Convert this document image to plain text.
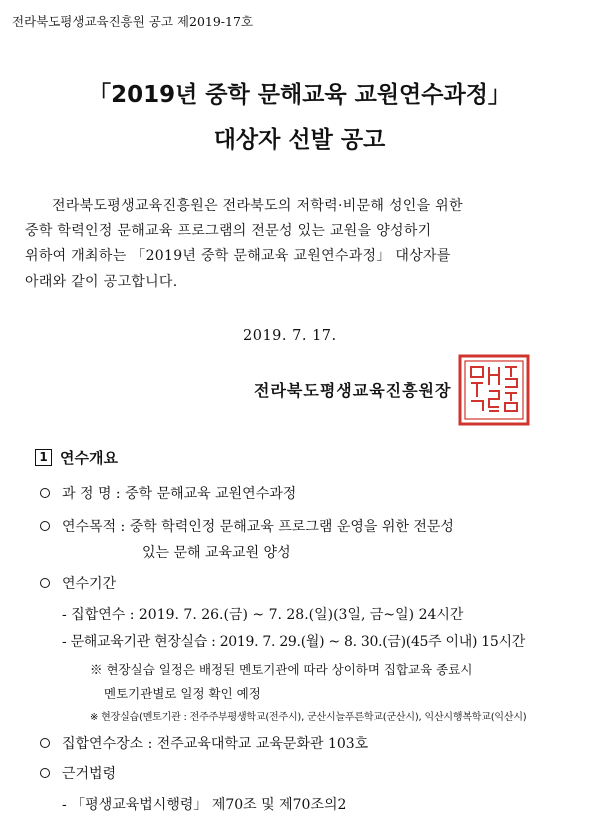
전라북도평생교육진흥원 공고 제2019-17호
「2019년 중학 문해교육 교원연수과정」
대상자 선발 공고
전라북도평생교육진흥원은 전라북도의 저학력·비문해 성인을 위한
중학 학력인정 문해교육 프로그램의 전문성 있는 교원을 양성하기
위하여 개최하는 「2019년 중학 문해교육 교원연수과정」 대상자를
아래와 같이 공고합니다.
2019. 7. 17.
전라북도평생교육진흥원장
1 연수개요
과 정 명 : 중학 문해교육 교원연수과정
연수목적 : 중학 학력인정 문해교육 프로그램 운영을 위한 전문성
있는 문해 교육교원 양성
연수기간
- 집합연수 : 2019. 7. 26.(금) ~ 7. 28.(일)(3일, 금~일) 24시간
- 문해교육기관 현장실습 : 2019. 7. 29.(월) ~ 8. 30.(금)(45주 이내) 15시간
※ 현장실습 일정은 배정된 멘토기관에 따라 상이하며 집합교육 종료시
멘토기관별로 일정 확인 예정
※ 현장실습(멘토기관 : 전주주부평생학교(전주시), 군산시늘푸른학교(군산시), 익산시행복학교(익산시)
집합연수장소 : 전주교육대학교 교육문화관 103호
근거법령
- 「평생교육법시행령」 제70조 및 제70조의2
